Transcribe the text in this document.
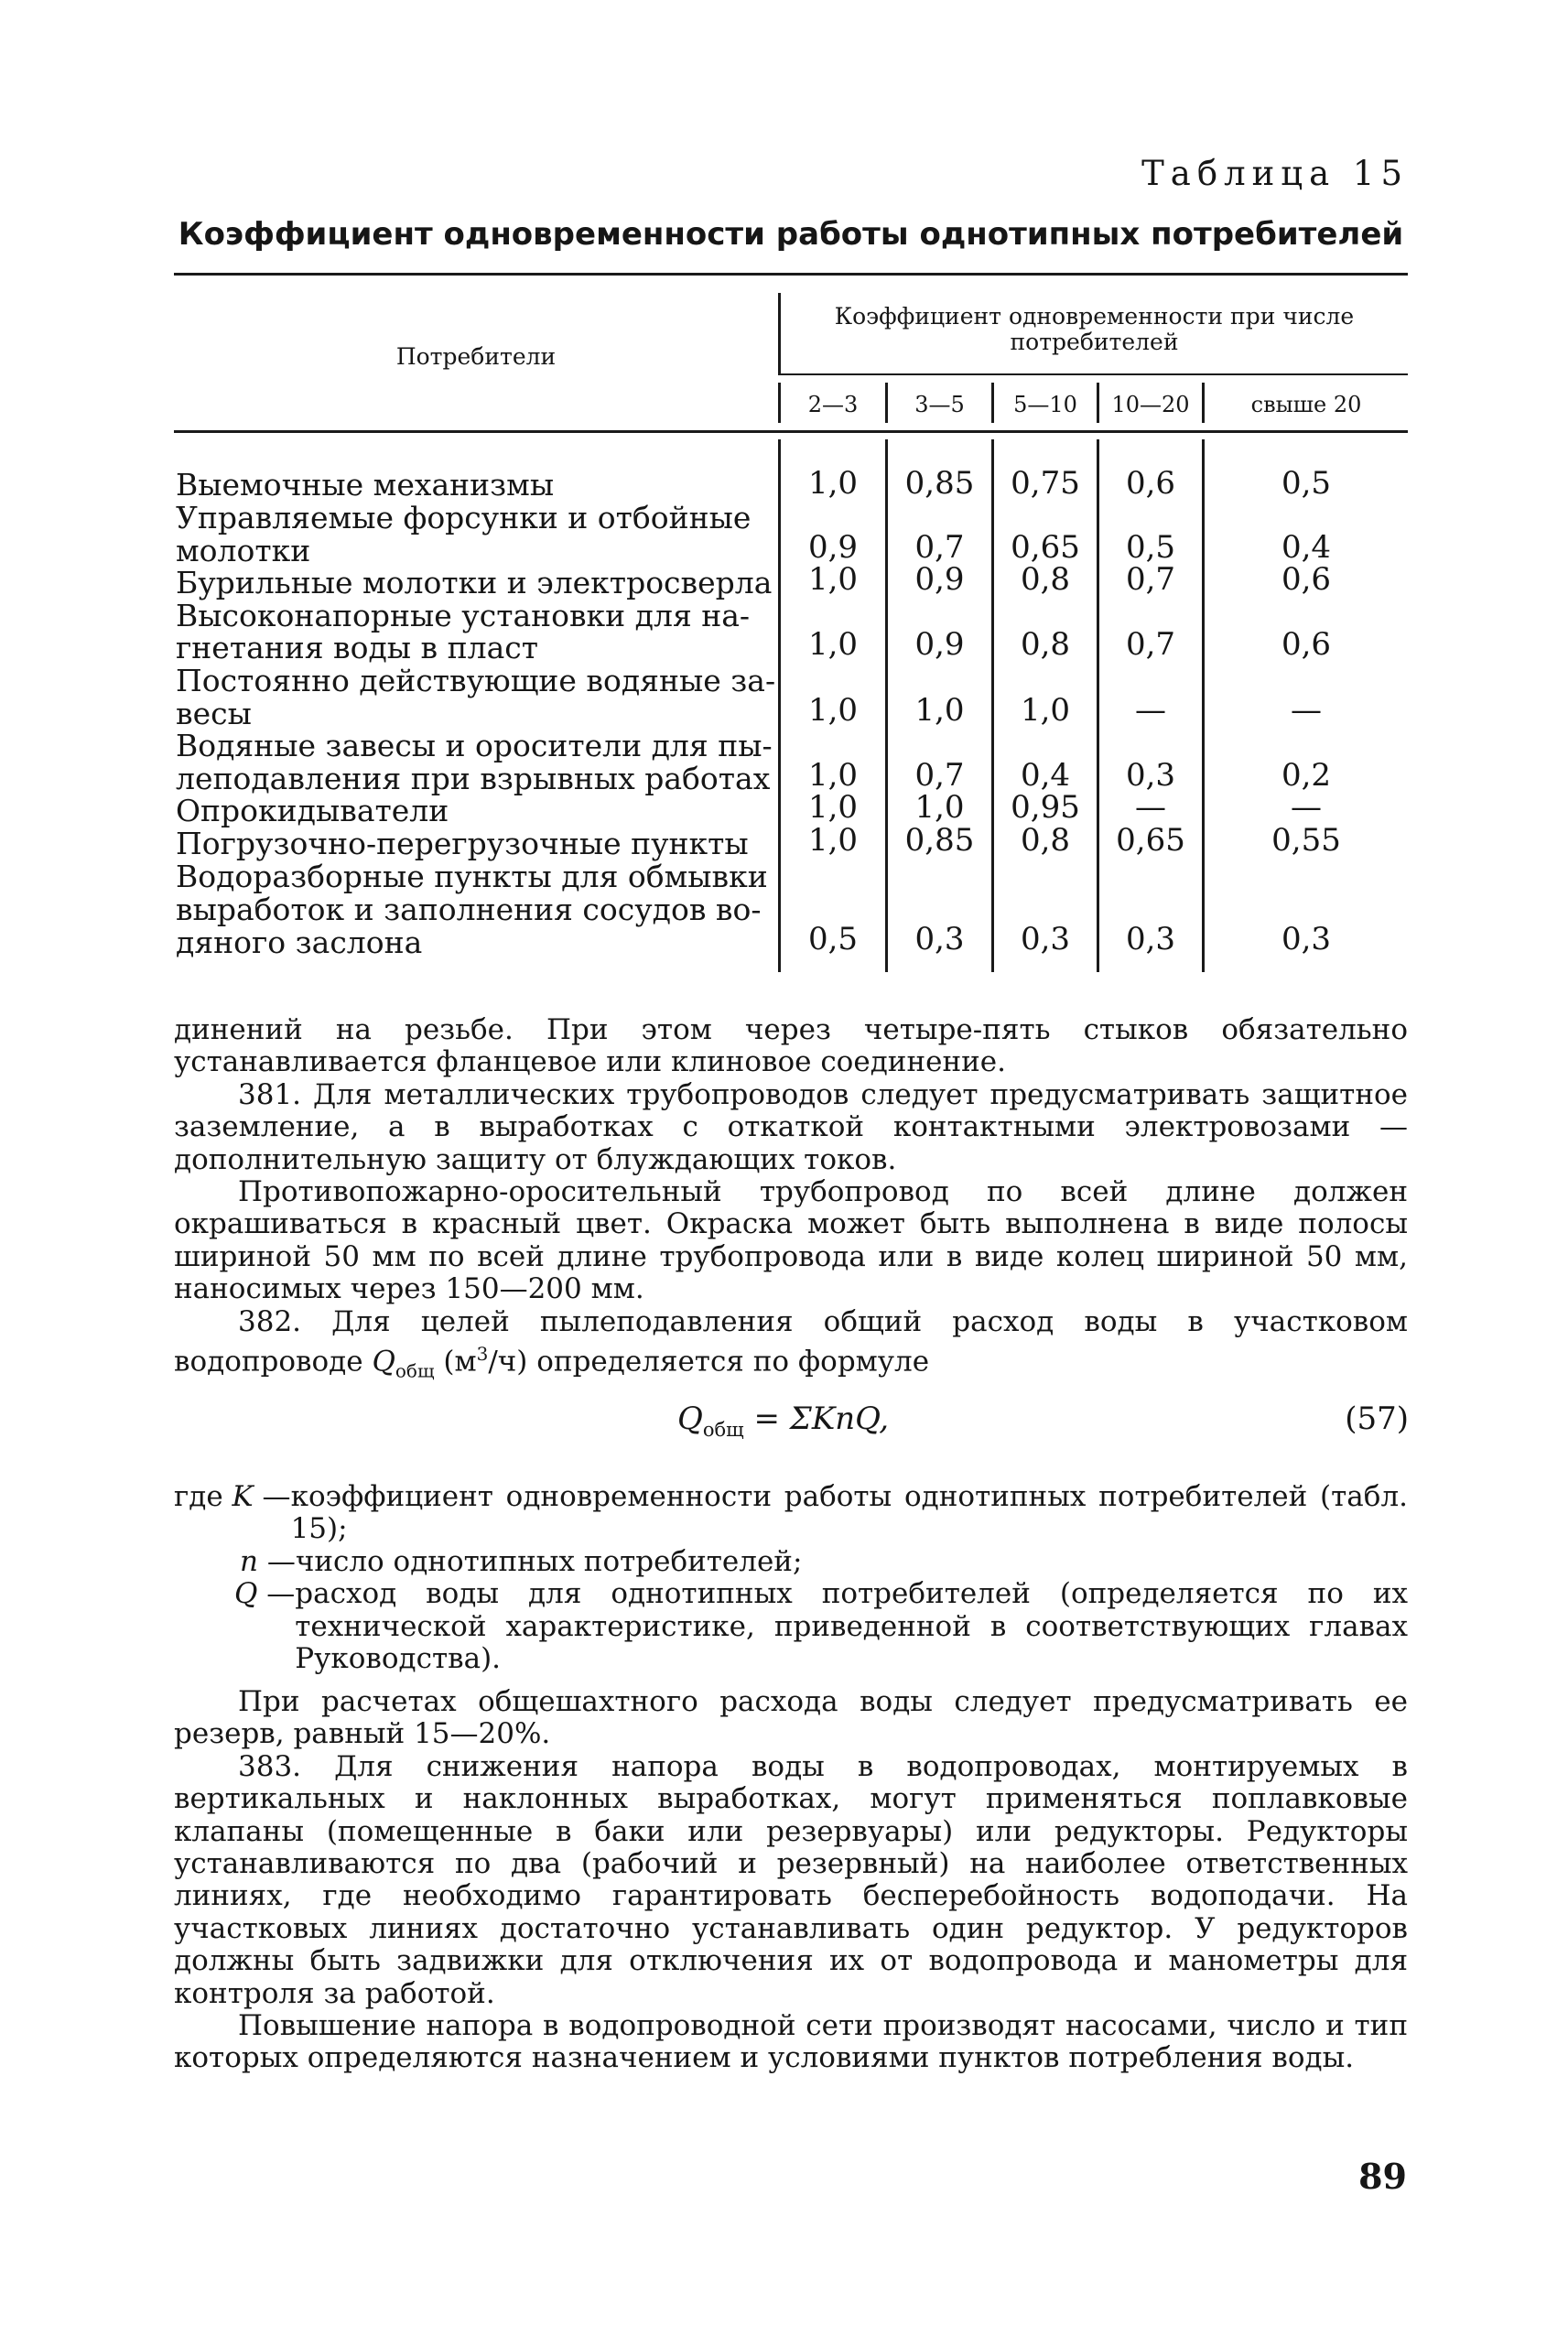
Таблица 15
Коэффициент одновременности работы однотипных потребителей
Потребители
Коэффициент одновременности при числе
потребителей
2—3	3—5	5—10	10—20	свыше 20
Выемочные механизмы	1,0	0,85	0,75	0,6	0,5
Управляемые форсунки и отбойные
молотки	0,9	0,7	0,65	0,5	0,4
Бурильные молотки и электросверла	1,0	0,9	0,8	0,7	0,6
Высоконапорные установки для на-
гнетания воды в пласт	1,0	0,9	0,8	0,7	0,6
Постоянно действующие водяные за-
весы	1,0	1,0	1,0	—	—
Водяные завесы и оросители для пы-
леподавления при взрывных работах	1,0	0,7	0,4	0,3	0,2
Опрокидыватели	1,0	1,0	0,95	—	—
Погрузочно-перегрузочные пункты	1,0	0,85	0,8	0,65	0,55
Водоразборные пункты для обмывки
выработок и заполнения сосудов во-
дяного заслона	0,5	0,3	0,3	0,3	0,3

динений на резьбе. При этом через четыре-пять стыков обязательно устанавливается фланцевое или клиновое соединение.

381. Для металлических трубопроводов следует предусматривать защитное заземление, а в выработках с откаткой контактными электровозами — дополнительную защиту от блуждающих токов.

Противопожарно-оросительный трубопровод по всей длине должен окрашиваться в красный цвет. Окраска может быть выполнена в виде полосы шириной 50 мм по всей длине трубопровода или в виде колец шириной 50 мм, наносимых через 150—200 мм.

382. Для целей пылеподавления общий расход воды в участковом водопроводе $Q_{общ}$ $(м^3/ч)$ определяется по формуле

$Q_{общ} = \Sigma KnQ$,	(57)
где K — коэффициент одновременности работы однотипных потребителей (табл. 15);
n — число однотипных потребителей;
Q — расход воды для однотипных потребителей (определяется по их технической характеристике, приведенной в соответствующих главах Руководства).

При расчетах общешахтного расхода воды следует предусматривать ее резерв, равный 15—20%.

383. Для снижения напора воды в водопроводах, монтируемых в вертикальных и наклонных выработках, могут применяться поплавковые клапаны (помещенные в баки или резервуары) или редукторы. Редукторы устанавливаются по два (рабочий и резервный) на наиболее ответственных линиях, где необходимо гарантировать бесперебойность водоподачи. На участковых линиях достаточно устанавливать один редуктор. У редукторов должны быть задвижки для отключения их от водопровода и манометры для контроля за работой.

Повышение напора в водопроводной сети производят насосами, число и тип которых определяются назначением и условиями пунктов потребления воды.

89
